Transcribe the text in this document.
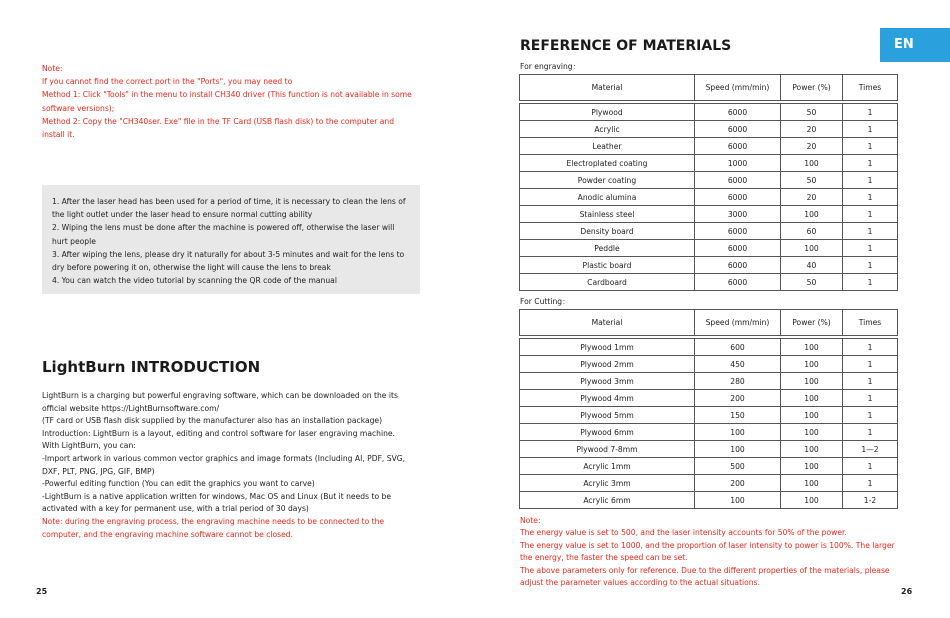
Note:
If you cannot find the correct port in the "Ports", you may need to
Method 1: Click "Tools" in the menu to install CH340 driver (This function is not available in some
software versions);
Method 2: Copy the "CH340ser. Exe" file in the TF Card (USB flash disk) to the computer and
install it.
1. After the laser head has been used for a period of time, it is necessary to clean the lens of
the light outlet under the laser head to ensure normal cutting ability
2. Wiping the lens must be done after the machine is powered off, otherwise the laser will
hurt people
3. After wiping the lens, please dry it naturally for about 3-5 minutes and wait for the lens to
dry before powering it on, otherwise the light will cause the lens to break
4. You can watch the video tutorial by scanning the QR code of the manual
LightBurn INTRODUCTION
LightBurn is a charging but powerful engraving software, which can be downloaded on the its
official website https://LightBurnsoftware.com/
(TF card or USB flash disk supplied by the manufacturer also has an installation package)
Introduction: LightBurn is a layout, editing and control software for laser engraving machine.
With LightBurn, you can:
-Import artwork in various common vector graphics and image formats (Including AI, PDF, SVG,
DXF, PLT, PNG, JPG, GIF, BMP)
-Powerful editing function (You can edit the graphics you want to carve)
-LightBurn is a native application written for windows, Mac OS and Linux (But it needs to be
activated with a key for permanent use, with a trial period of 30 days)
Note: during the engraving process, the engraving machine needs to be connected to the
computer, and the engraving machine software cannot be closed.
25
EN
REFERENCE OF MATERIALS
For engraving：
Material	Speed (mm/min)	Power (%)	Times

Plywood	6000	50	1
Acrylic	6000	20	1
Leather	6000	20	1
Electroplated coating	1000	100	1
Powder coating	6000	50	1
Anodic alumina	6000	20	1
Stainless steel	3000	100	1
Density board	6000	60	1
Peddle	6000	100	1
Plastic board	6000	40	1
Cardboard	6000	50	1
For Cutting：
Material	Speed (mm/min)	Power (%)	Times

Plywood 1mm	600	100	1
Plywood 2mm	450	100	1
Plywood 3mm	280	100	1
Plywood 4mm	200	100	1
Plywood 5mm	150	100	1
Plywood 6mm	100	100	1
Plywood 7-8mm	100	100	1—2
Acrylic 1mm	500	100	1
Acrylic 3mm	200	100	1
Acrylic 6mm	100	100	1-2
Note:
The energy value is set to 500, and the laser intensity accounts for 50% of the power.
The energy value is set to 1000, and the proportion of laser intensity to power is 100%. The larger
the energy, the faster the speed can be set.
The above parameters only for reference. Due to the different properties of the materials, please
adjust the parameter values according to the actual situations.
26
